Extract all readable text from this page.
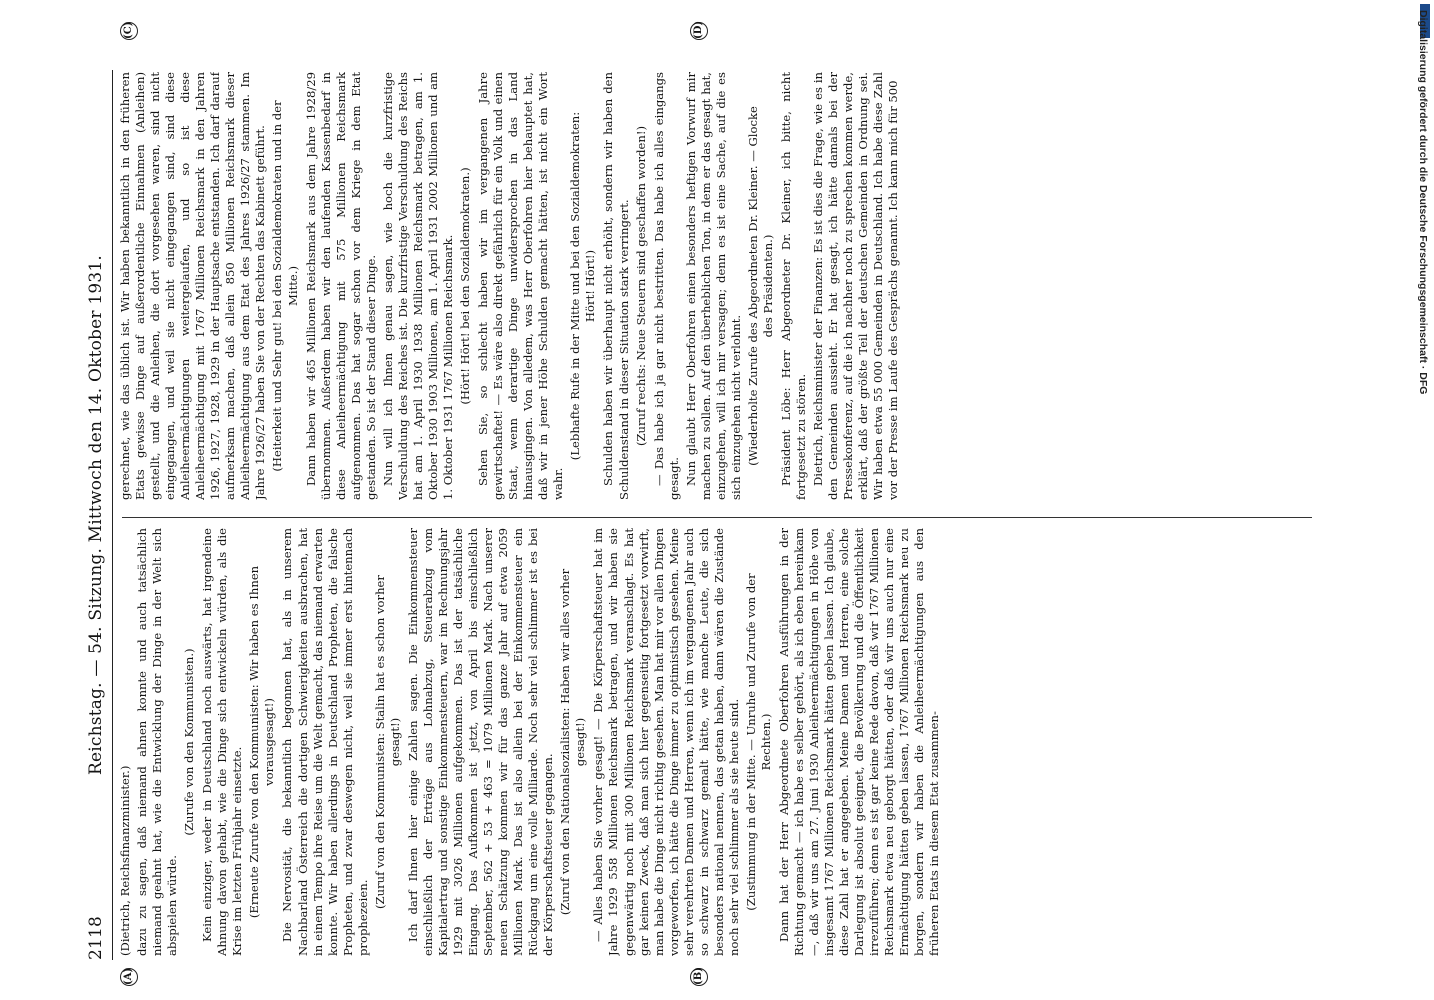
2118
Reichstag. — 54. Sitzung. Mittwoch den 14. Oktober 1931.
(A)	(B)
(C)	(D)

(Dietrich, Reichsfinanzminister.) dazu zu sagen, daß niemand ahnen konnte und auch tatsächlich niemand geahnt hat, wie die Entwicklung der Dinge in der Welt sich abspielen würde.

(Zurufe von den Kommunisten.) Kein einziger, weder in Deutschland noch auswärts, hat irgendeine Ahnung davon gehabt, wie die Dinge sich entwickeln würden, als die Krise im letzten Frühjahr einsetzte. (Erneute Zurufe von den Kommunisten: Wir haben es Ihnen vorausgesagt!) Die Nervosität, die bekanntlich begonnen hat, als in unserem Nachbarland Österreich die dortigen Schwierigkeiten ausbrachen, hat in einem Tempo ihre Reise um die Welt gemacht, das niemand erwarten konnte. Wir haben allerdings in Deutschland Propheten, die falsche Propheten, und zwar deswegen nicht, weil sie immer erst hintennach prophezeien.

(Zuruf von den Kommunisten: Stalin hat es schon vorher gesagt!) Ich darf Ihnen hier einige Zahlen sagen. Die Einkommensteuer einschließlich der Erträge aus Lohnabzug, Steuerabzug vom Kapitalertrag und sonstige Einkommensteuern, war im Rechnungsjahr 1929 mit 3026 Millionen aufgekommen. Das ist der tatsächliche Eingang. Das Aufkommen ist jetzt, von April bis einschließlich September, 562 + 53 + 463 = 1079 Millionen Mark. Nach unserer neuen Schätzung kommen wir für das ganze Jahr auf etwa 2059 Millionen Mark. Das ist also allein bei der Einkommensteuer ein Rückgang um eine volle Milliarde. Noch sehr viel schlimmer ist es bei der Körperschaftsteuer gegangen. (Zuruf von den Nationalsozialisten: Haben wir alles vorher gesagt!) — Alles haben Sie vorher gesagt! — Die Körperschaftsteuer hat im Jahre 1929 558 Millionen Reichsmark betragen, und wir haben sie gegenwärtig noch mit 300 Millionen Reichsmark veranschlagt. Es hat gar keinen Zweck, daß man sich hier gegenseitig fortgesetzt vorwirft, man habe die Dinge nicht richtig gesehen. Man hat mir vor allen Dingen vorgeworfen, ich hätte die Dinge immer zu optimistisch gesehen. Meine sehr verehrten Damen und Herren, wenn ich im vergangenen Jahr auch so schwarz in schwarz gemalt hätte, wie manche Leute, die sich besonders national nennen, das getan haben, dann wären die Zustände noch sehr viel schlimmer als sie heute sind. (Zustimmung in der Mitte. — Unruhe und Zurufe von der Rechten.) Dann hat der Herr Abgeordnete Oberfohren Ausführungen in der Richtung gemacht — ich habe es selber gehört, als ich eben hereinkam —, daß wir uns am 27. Juni 1930 Anleiheermächtigungen in Höhe von insgesamt 1767 Millionen Reichsmark hätten geben lassen. Ich glaube, diese Zahl hat er angegeben. Meine Damen und Herren, eine solche Darlegung ist absolut geeignet, die Bevölkerung und die Öffentlichkeit irrezuführen; denn es ist gar keine Rede davon, daß wir 1767 Millionen Reichsmark etwa neu geborgt hätten, oder daß wir uns auch nur eine Ermächtigung hätten geben lassen, 1767 Millionen Reichsmark neu zu borgen, sondern wir haben die Anleiheermächtigungen aus den früheren Etats in diesem Etat zusammen-

gerechnet, wie das üblich ist. Wir haben bekanntlich in den früheren Etats gewisse Dinge auf außerordentliche Einnahmen (Anleihen) gestellt, und die Anleihen, die dort vorgesehen waren, sind nicht eingegangen, und weil sie nicht eingegangen sind, sind diese Anleiheermächtigungen weitergelaufen, und so ist diese Anleiheermächtigung mit 1767 Millionen Reichsmark in den Jahren 1926, 1927, 1928, 1929 in der Hauptsache entstanden. Ich darf darauf aufmerksam machen, daß allein 850 Millionen Reichsmark dieser Anleiheermächtigung aus dem Etat des Jahres 1926/27 stammen. Im Jahre 1926/27 haben Sie von der Rechten das Kabinett geführt. (Heiterkeit und Sehr gut! bei den Sozialdemokraten und in der Mitte.) Dann haben wir 465 Millionen Reichsmark aus dem Jahre 1928/29 übernommen. Außerdem haben wir den laufenden Kassenbedarf in diese Anleiheermächtigung mit 575 Millionen Reichsmark aufgenommen. Das hat sogar schon vor dem Kriege in dem Etat gestanden. So ist der Stand dieser Dinge. Nun will ich Ihnen genau sagen, wie hoch die kurzfristige Verschuldung des Reiches ist. Die kurzfristige Verschuldung des Reichs hat am 1. April 1930 1938 Millionen Reichsmark betragen, am 1. Oktober 1930 1903 Millionen, am 1. April 1931 2002 Millionen und am 1. Oktober 1931 1767 Millionen Reichsmark. (Hört! Hört! bei den Sozialdemokraten.) Sehen Sie, so schlecht haben wir im vergangenen Jahre gewirtschaftet! — Es wäre also direkt gefährlich für ein Volk und einen Staat, wenn derartige Dinge unwidersprochen in das Land hinausgingen. Von alledem, was Herr Oberfohren hier behauptet hat, daß wir in jener Höhe Schulden gemacht hätten, ist nicht ein Wort wahr.

(Lebhafte Rufe in der Mitte und bei den Sozialdemokraten: Hört! Hört!) Schulden haben wir überhaupt nicht erhöht, sondern wir haben den Schuldenstand in dieser Situation stark verringert. (Zuruf rechts: Neue Steuern sind geschaffen worden!) — Das habe ich ja gar nicht bestritten. Das habe ich alles eingangs gesagt. Nun glaubt Herr Oberfohren einen besonders heftigen Vorwurf mir machen zu sollen. Auf den überheblichen Ton, in dem er das gesagt hat, einzugehen, will ich mir versagen; denn es ist eine Sache, auf die es sich einzugehen nicht verlohnt. (Wiederholte Zurufe des Abgeordneten Dr. Kleiner. — Glocke des Präsidenten.) Präsident Löbe: Herr Abgeordneter Dr. Kleiner, ich bitte, nicht fortgesetzt zu stören. Dietrich, Reichsminister der Finanzen: Es ist dies die Frage, wie es in den Gemeinden aussieht. Er hat gesagt, ich hätte damals bei der Pressekonferenz, auf die ich nachher noch zu sprechen kommen werde, erklärt, daß der größte Teil der deutschen Gemeinden in Ordnung sei. Wir haben etwa 55 000 Gemeinden in Deutschland. Ich habe diese Zahl vor der Presse im Laufe des Gesprächs genannt. Ich kann mich für 500	Digitalisierung gefördert durch die Deutsche Forschungsgemeinschaft · DFG
